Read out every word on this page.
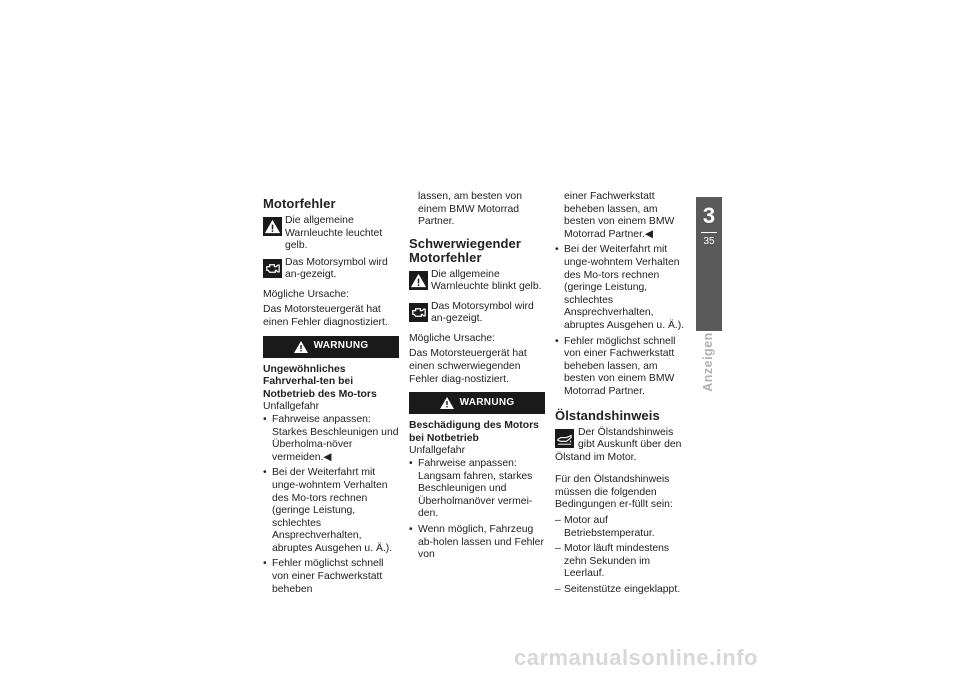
Motorfehler
Die allgemeine Warnleuchte leuchtet gelb.
Das Motorsymbol wird an-gezeigt.

Mögliche Ursache:

Das Motorsteuergerät hat einen Fehler diagnostiziert.

WARNUNG

Ungewöhnliches Fahrverhal-ten bei Notbetrieb des Mo-tors

Unfallgefahr

• Fahrweise anpassen: Starkes Beschleunigen und Überholma-növer vermeiden.◀
• Bei der Weiterfahrt mit unge-wohntem Verhalten des Mo-tors rechnen (geringe Leistung, schlechtes Ansprechverhalten, abruptes Ausgehen u. Ä.).
• Fehler möglichst schnell von einer Fachwerkstatt beheben

lassen, am besten von einem BMW Motorrad Partner.

Schwerwiegender Motorfehler
Die allgemeine Warnleuchte blinkt gelb.
Das Motorsymbol wird an-gezeigt.

Mögliche Ursache:

Das Motorsteuergerät hat einen schwerwiegenden Fehler diag-nostiziert.

WARNUNG

Beschädigung des Motors bei Notbetrieb

Unfallgefahr

• Fahrweise anpassen: Langsam fahren, starkes Beschleunigen und Überholmanöver vermei-den.
• Wenn möglich, Fahrzeug ab-holen lassen und Fehler von

einer Fachwerkstatt beheben lassen, am besten von einem BMW Motorrad Partner.◀

• Bei der Weiterfahrt mit unge-wohntem Verhalten des Mo-tors rechnen (geringe Leistung, schlechtes Ansprechverhalten, abruptes Ausgehen u. Ä.).
• Fehler möglichst schnell von einer Fachwerkstatt beheben lassen, am besten von einem BMW Motorrad Partner.
Ölstandshinweis

Der Ölstandshinweis gibt Auskunft über den Ölstand im Motor.

Für den Ölstandshinweis müssen die folgenden Bedingungen er-füllt sein:

– Motor auf Betriebstemperatur.
– Motor läuft mindestens zehn Sekunden im Leerlauf.
– Seitenstütze eingeklappt.
3
35
Anzeigen
carmanualsonline.info
